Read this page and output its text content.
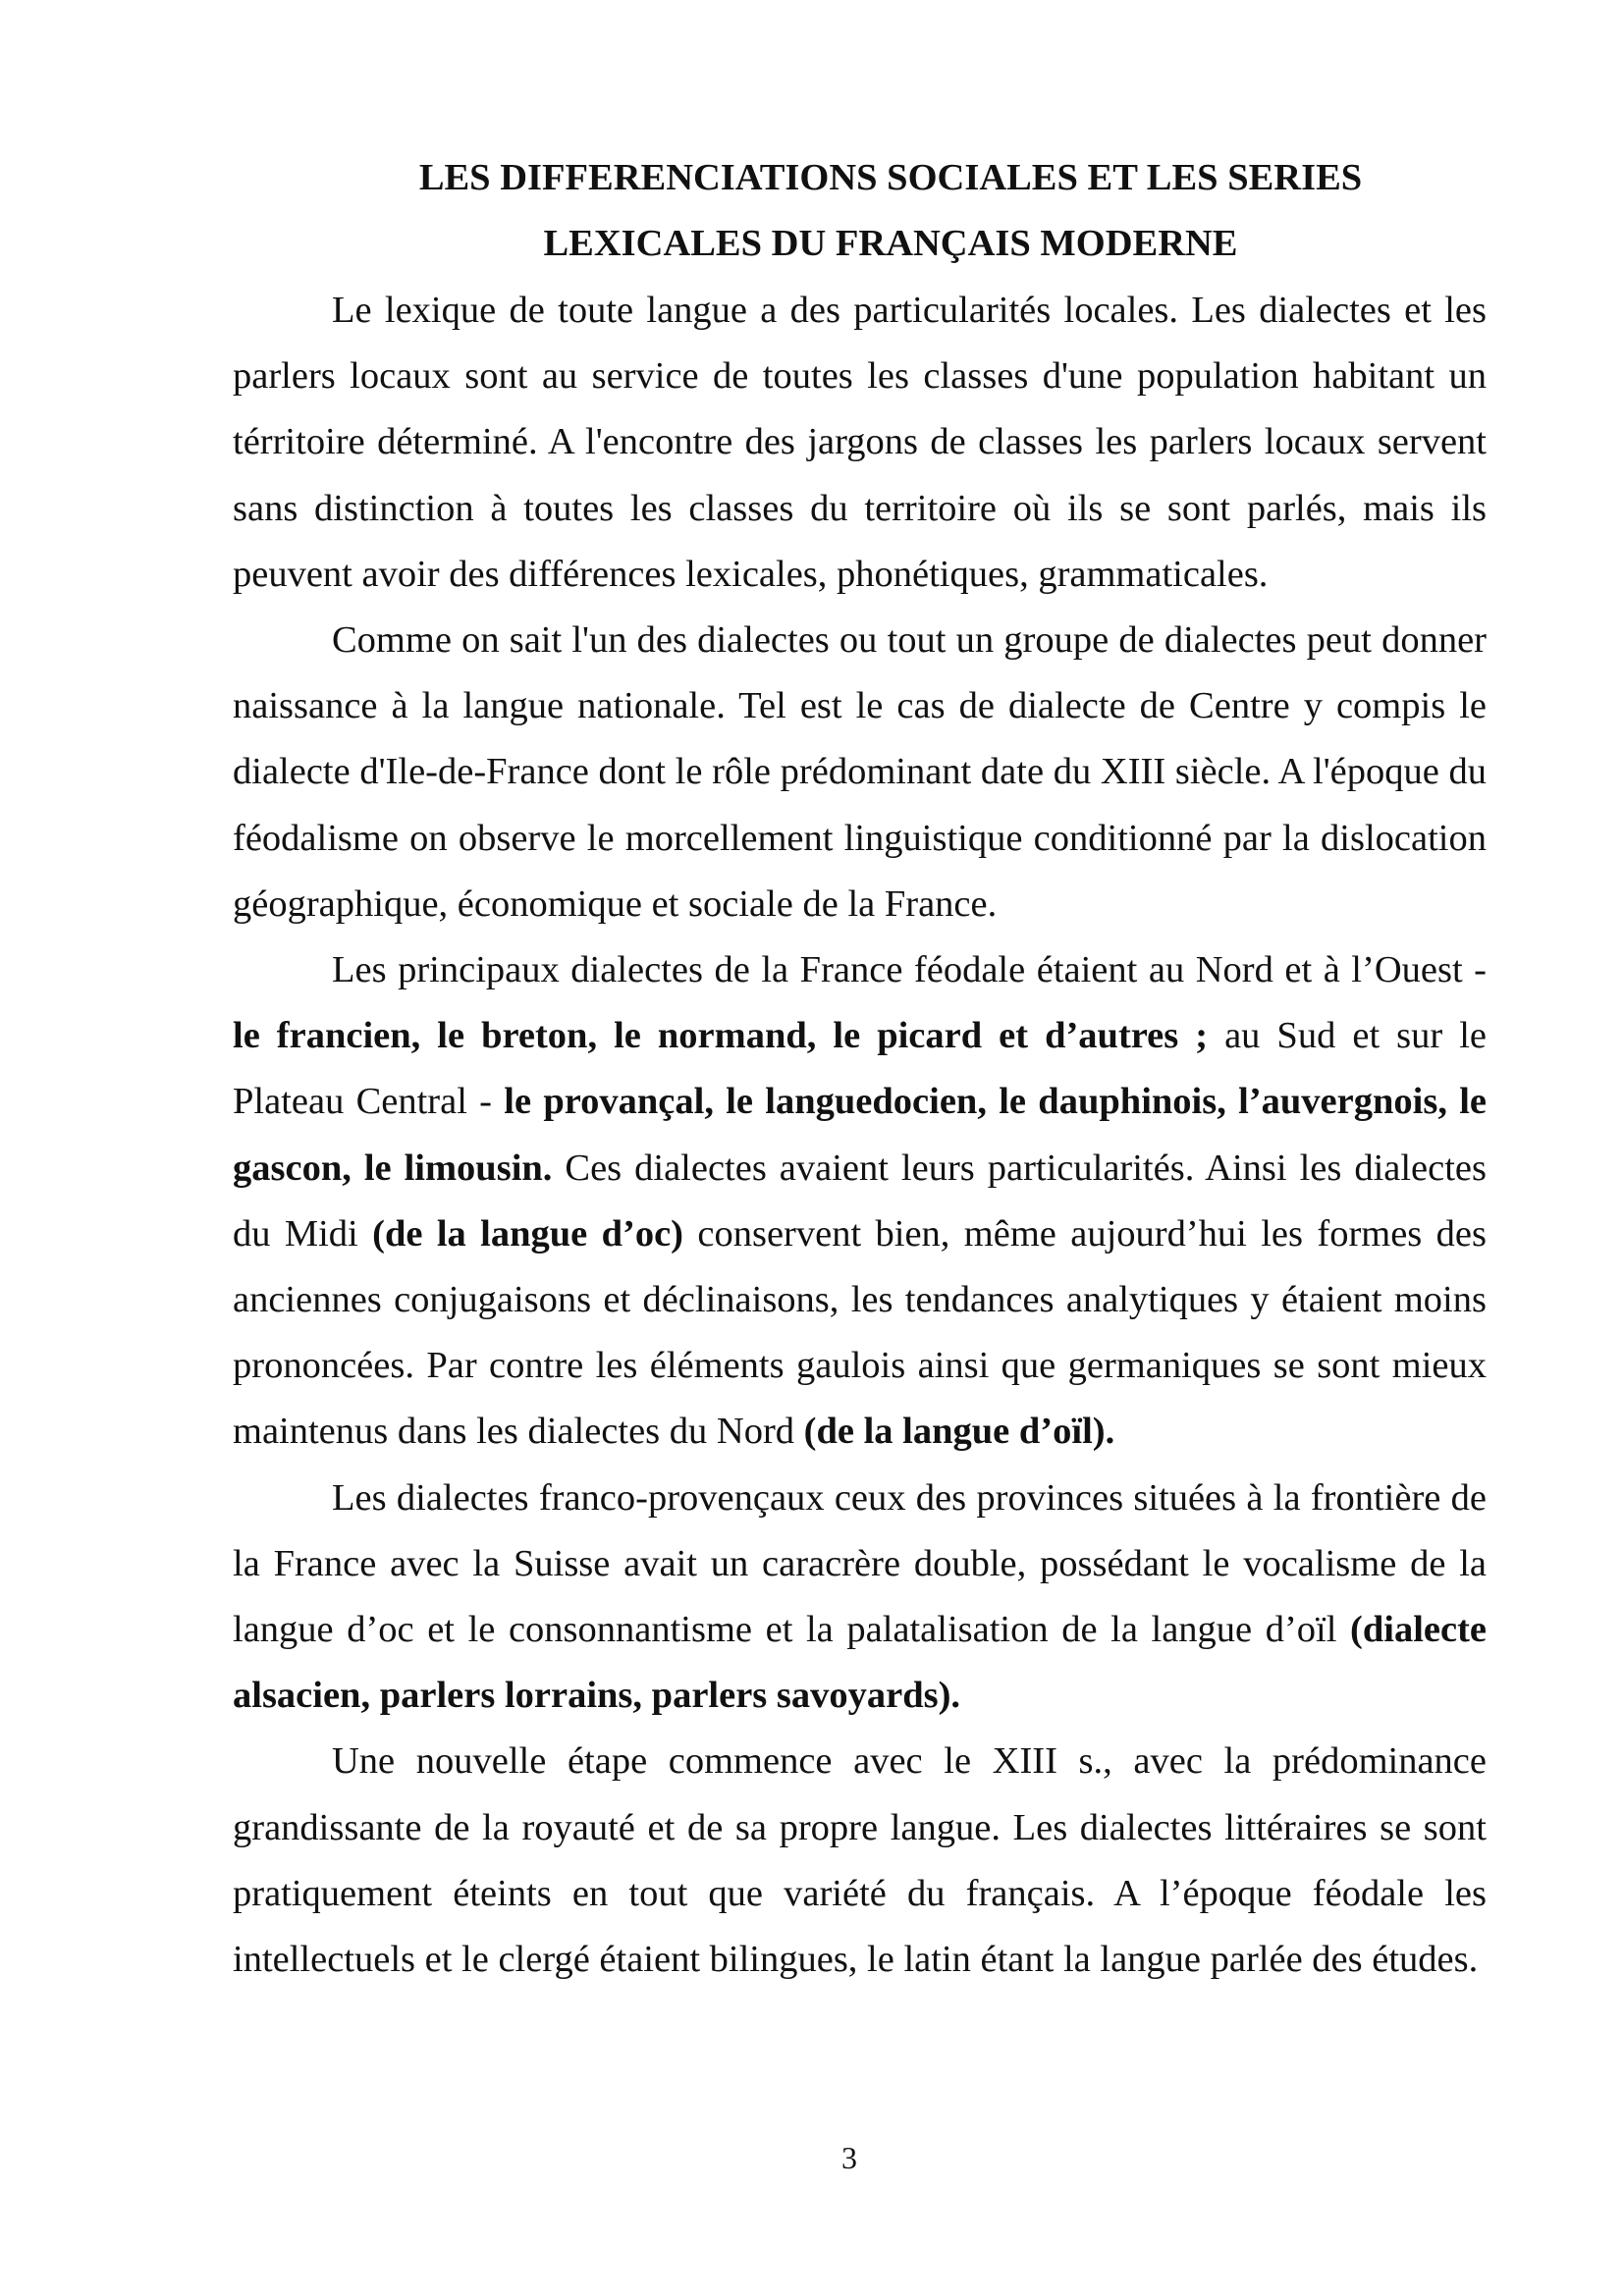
LES DIFFERENCIATIONS SOCIALES ET LES SERIES
LEXICALES DU FRANÇAIS MODERNE

Le lexique de toute langue a des particularités locales. Les dialectes et les parlers locaux sont au service de toutes les classes d'une population habitant un térritoire déterminé. A l'encontre des jargons de classes les parlers locaux servent sans distinction à toutes les classes du territoire où ils se sont parlés, mais ils peuvent avoir des différences lexicales, phonétiques, grammaticales.

Comme on sait l'un des dialectes ou tout un groupe de dialectes peut donner naissance à la langue nationale. Tel est le cas de dialecte de Centre y compis le dialecte d'Ile-de-France dont le rôle prédominant date du XIII siècle. A l'époque du féodalisme on observe le morcellement linguistique conditionné par la dislocation géographique, économique et sociale de la France.

Les principaux dialectes de la France féodale étaient au Nord et à l’Ouest - le francien, le breton, le normand, le picard et d’autres ; au Sud et sur le Plateau Central - le provançal, le languedocien, le dauphinois, l’auvergnois, le gascon, le limousin. Ces dialectes avaient leurs particularités. Ainsi les dialectes du Midi (de la langue d’oc) conservent bien, même aujourd’hui les formes des anciennes conjugaisons et déclinaisons, les tendances analytiques y étaient moins prononcées. Par contre les éléments gaulois ainsi que germaniques se sont mieux maintenus dans les dialectes du Nord (de la langue d’oïl).

Les dialectes franco-provençaux ceux des provinces situées à la frontière de la France avec la Suisse avait un caracrère double, possédant le vocalisme de la langue d’oc et le consonnantisme et la palatalisation de la langue d’oïl (dialecte alsacien, parlers lorrains, parlers savoyards).

Une nouvelle étape commence avec le XIII s., avec la prédominance grandissante de la royauté et de sa propre langue. Les dialectes littéraires se sont pratiquement éteints en tout que variété du français. A l’époque féodale les intellectuels et le clergé étaient bilingues, le latin étant la langue parlée des études.

3
